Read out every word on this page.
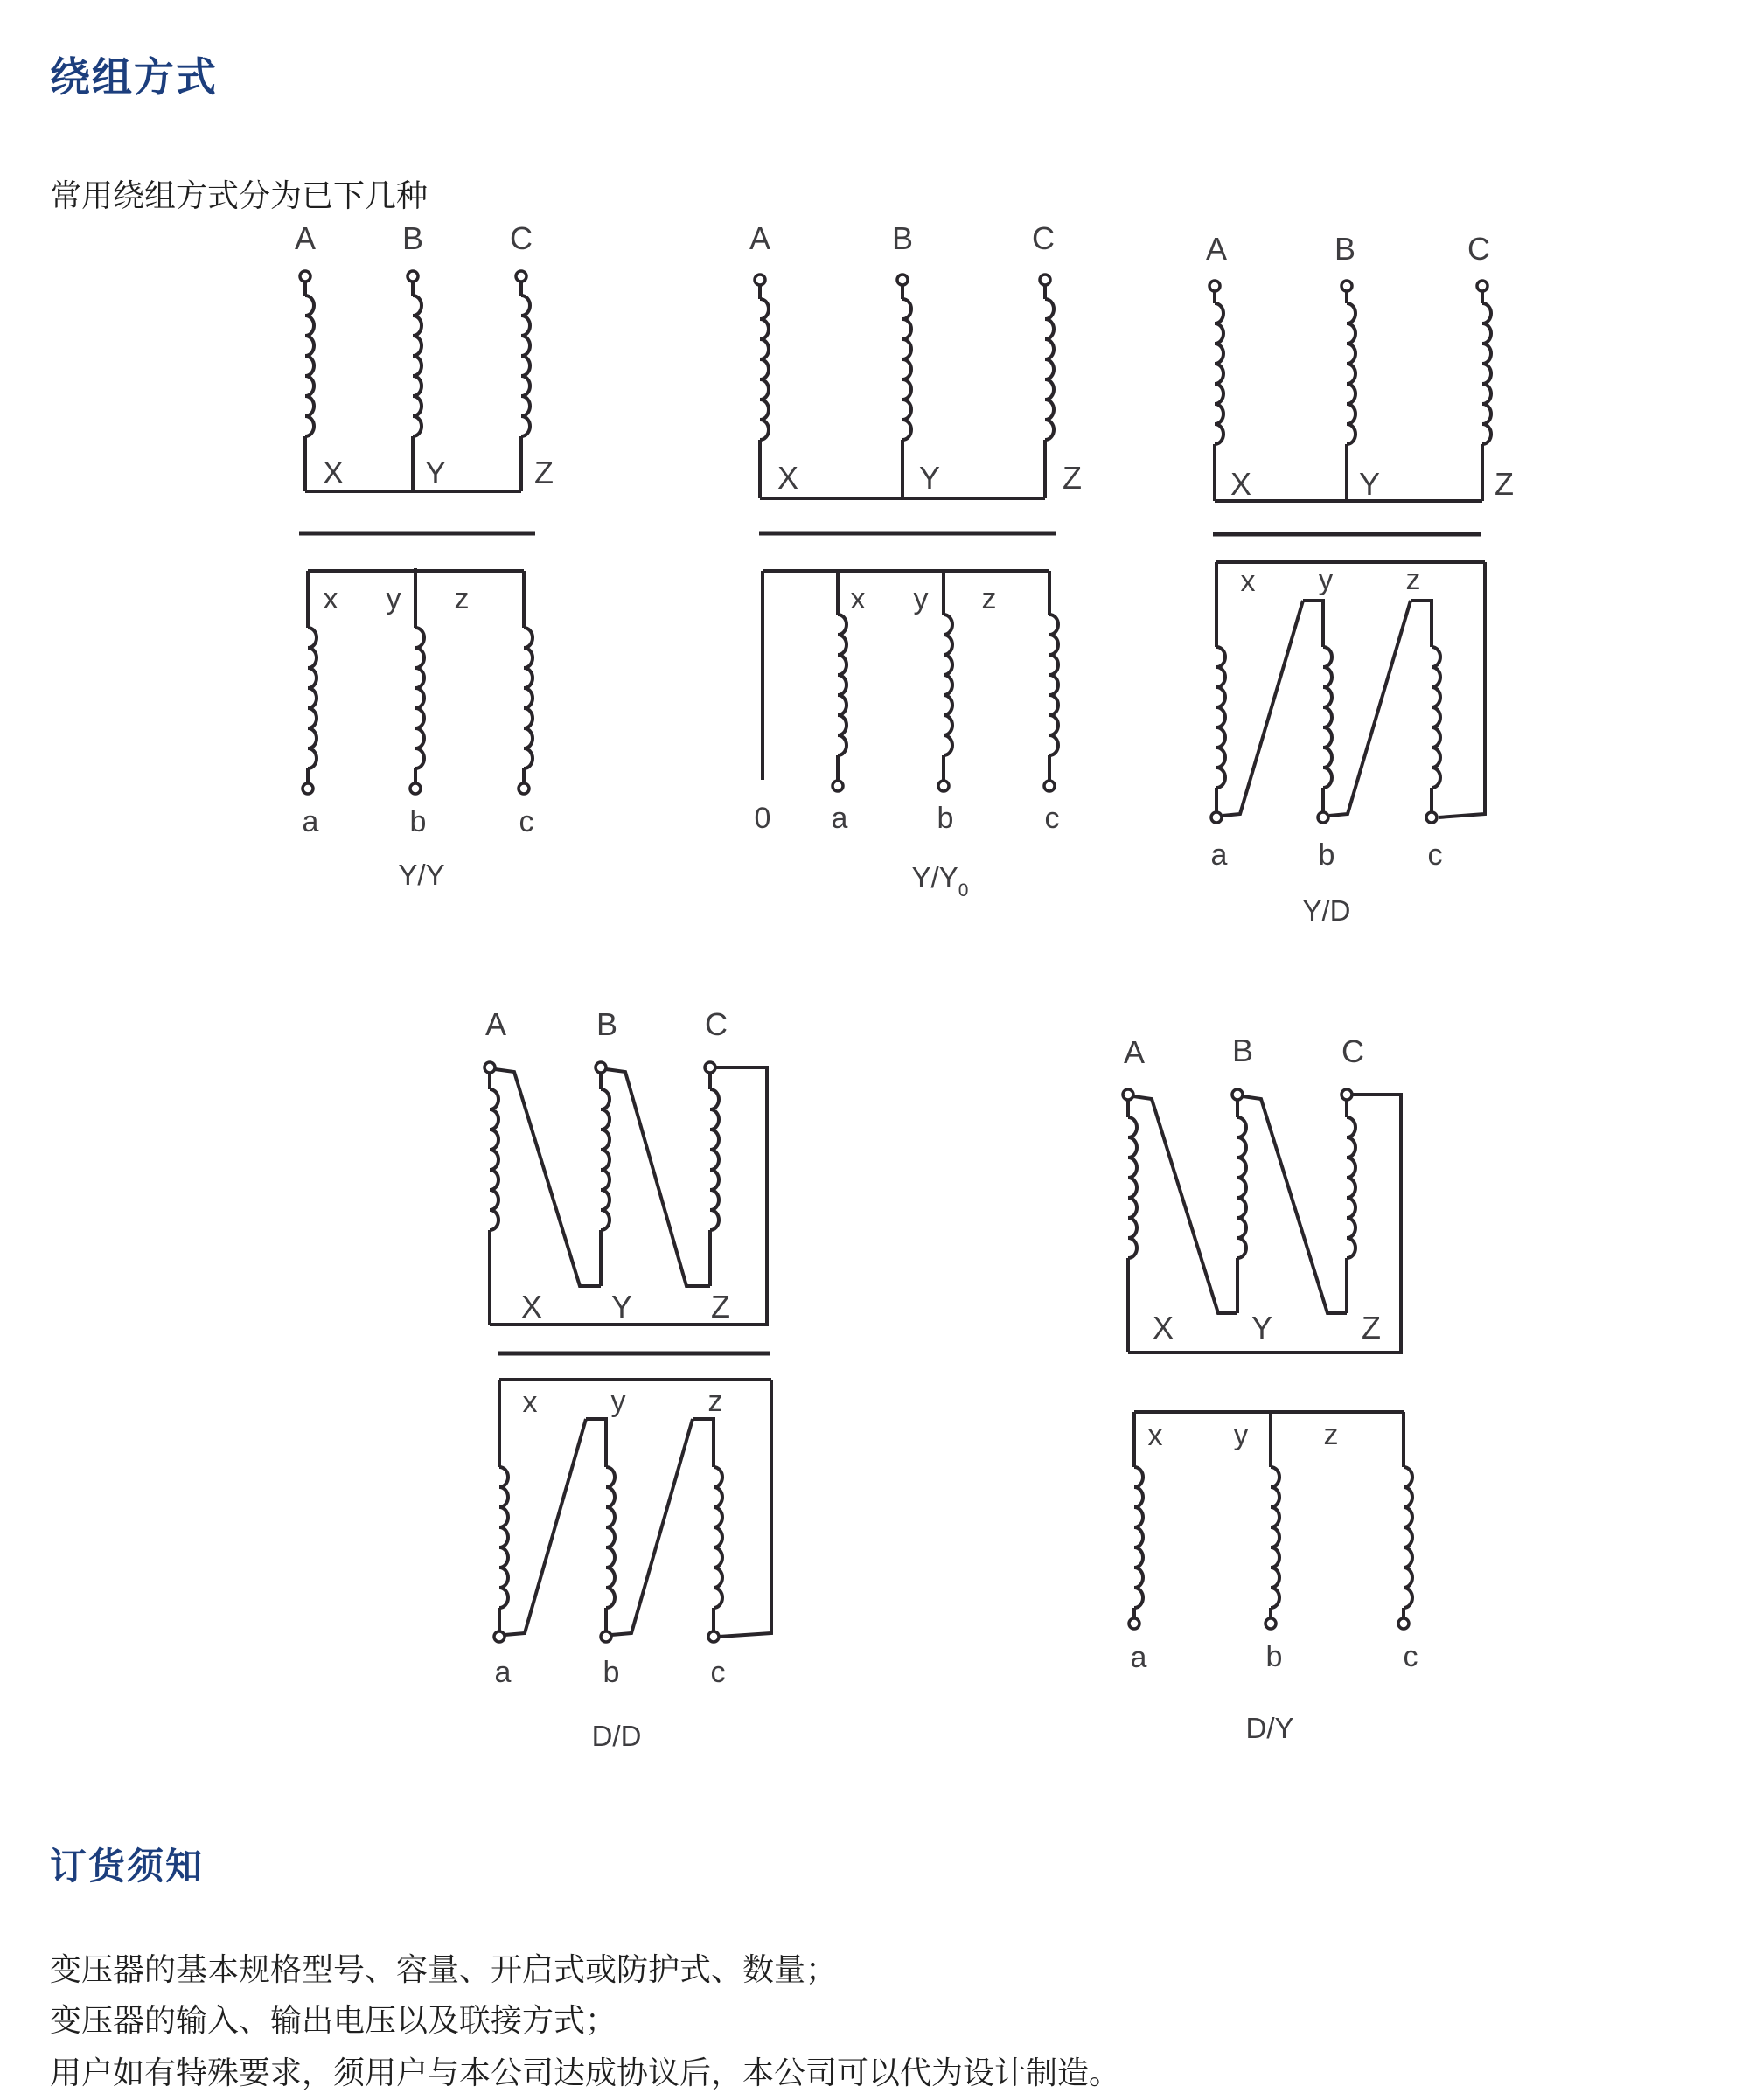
绕组方式
常用绕组方式分为已下几种
A	B	C
X	Y	Z
x y z
a	b	c
Y/Y
A	B	C
X	Y	Z
x y z
0 a	b	c
$Y/Y_0$
A	B	C
X	Y	Z
x y z
a	b	c
Y/D
A	B	C
X Y Z
x y	z
a	b	c
D/D
A	B	C
X Y	Z
x y	z
a	b	c
D/Y
订货须知
变压器的基本规格型号、容量、开启式或防护式、数量；
变压器的输入、输出电压以及联接方式；
用户如有特殊要求，须用户与本公司达成协议后，本公司可以代为设计制造。
